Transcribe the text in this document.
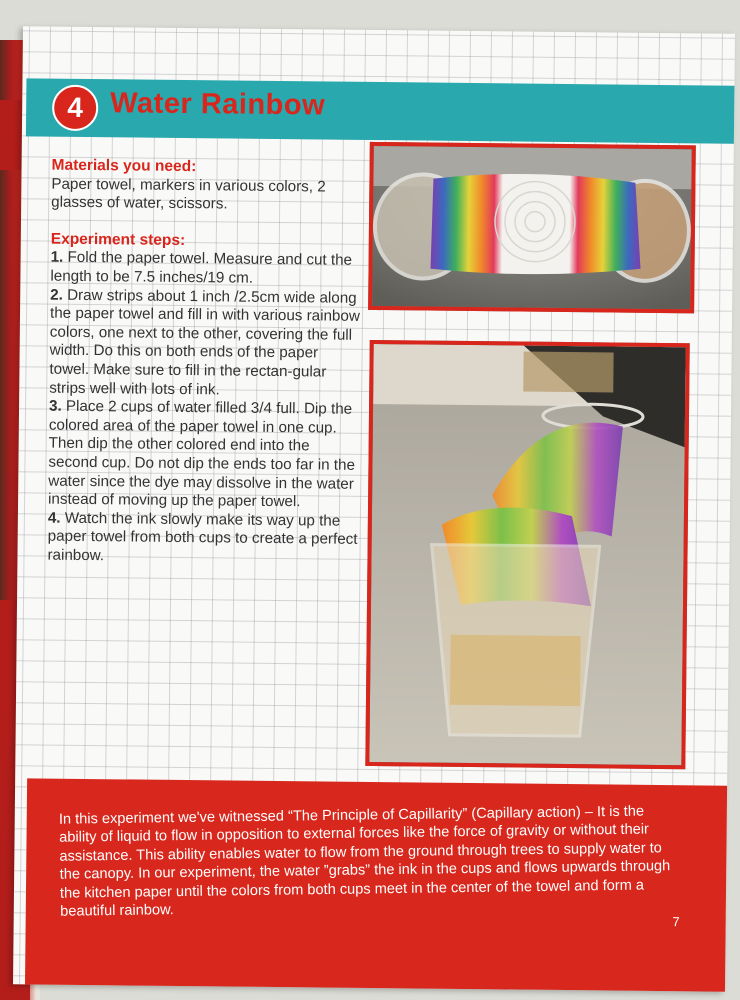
4 Water Rainbow

Materials you need:

Paper towel, markers in various colors, 2 glasses of water, scissors.

Experiment steps:

1. Fold the paper towel. Measure and cut the length to be 7.5 inches/19 cm.

2. Draw strips about 1 inch /2.5cm wide along the paper towel and fill in with various rainbow colors, one next to the other, covering the full width. Do this on both ends of the paper towel. Make sure to fill in the rectan-gular strips well with lots of ink.

3. Place 2 cups of water filled 3/4 full. Dip the colored area of the paper towel in one cup. Then dip the other colored end into the second cup. Do not dip the ends too far in the water since the dye may dissolve in the water instead of moving up the paper towel.

4. Watch the ink slowly make its way up the paper towel from both cups to create a perfect rainbow.

In this experiment we've witnessed “The Principle of Capillarity” (Capillary action) – It is the ability of liquid to flow in opposition to external forces like the force of gravity or without their assistance. This ability enables water to flow from the ground through trees to supply water to the canopy. In our experiment, the water ”grabs” the ink in the cups and flows upwards through the kitchen paper until the colors from both cups meet in the center of the towel and form a beautiful rainbow.
7
